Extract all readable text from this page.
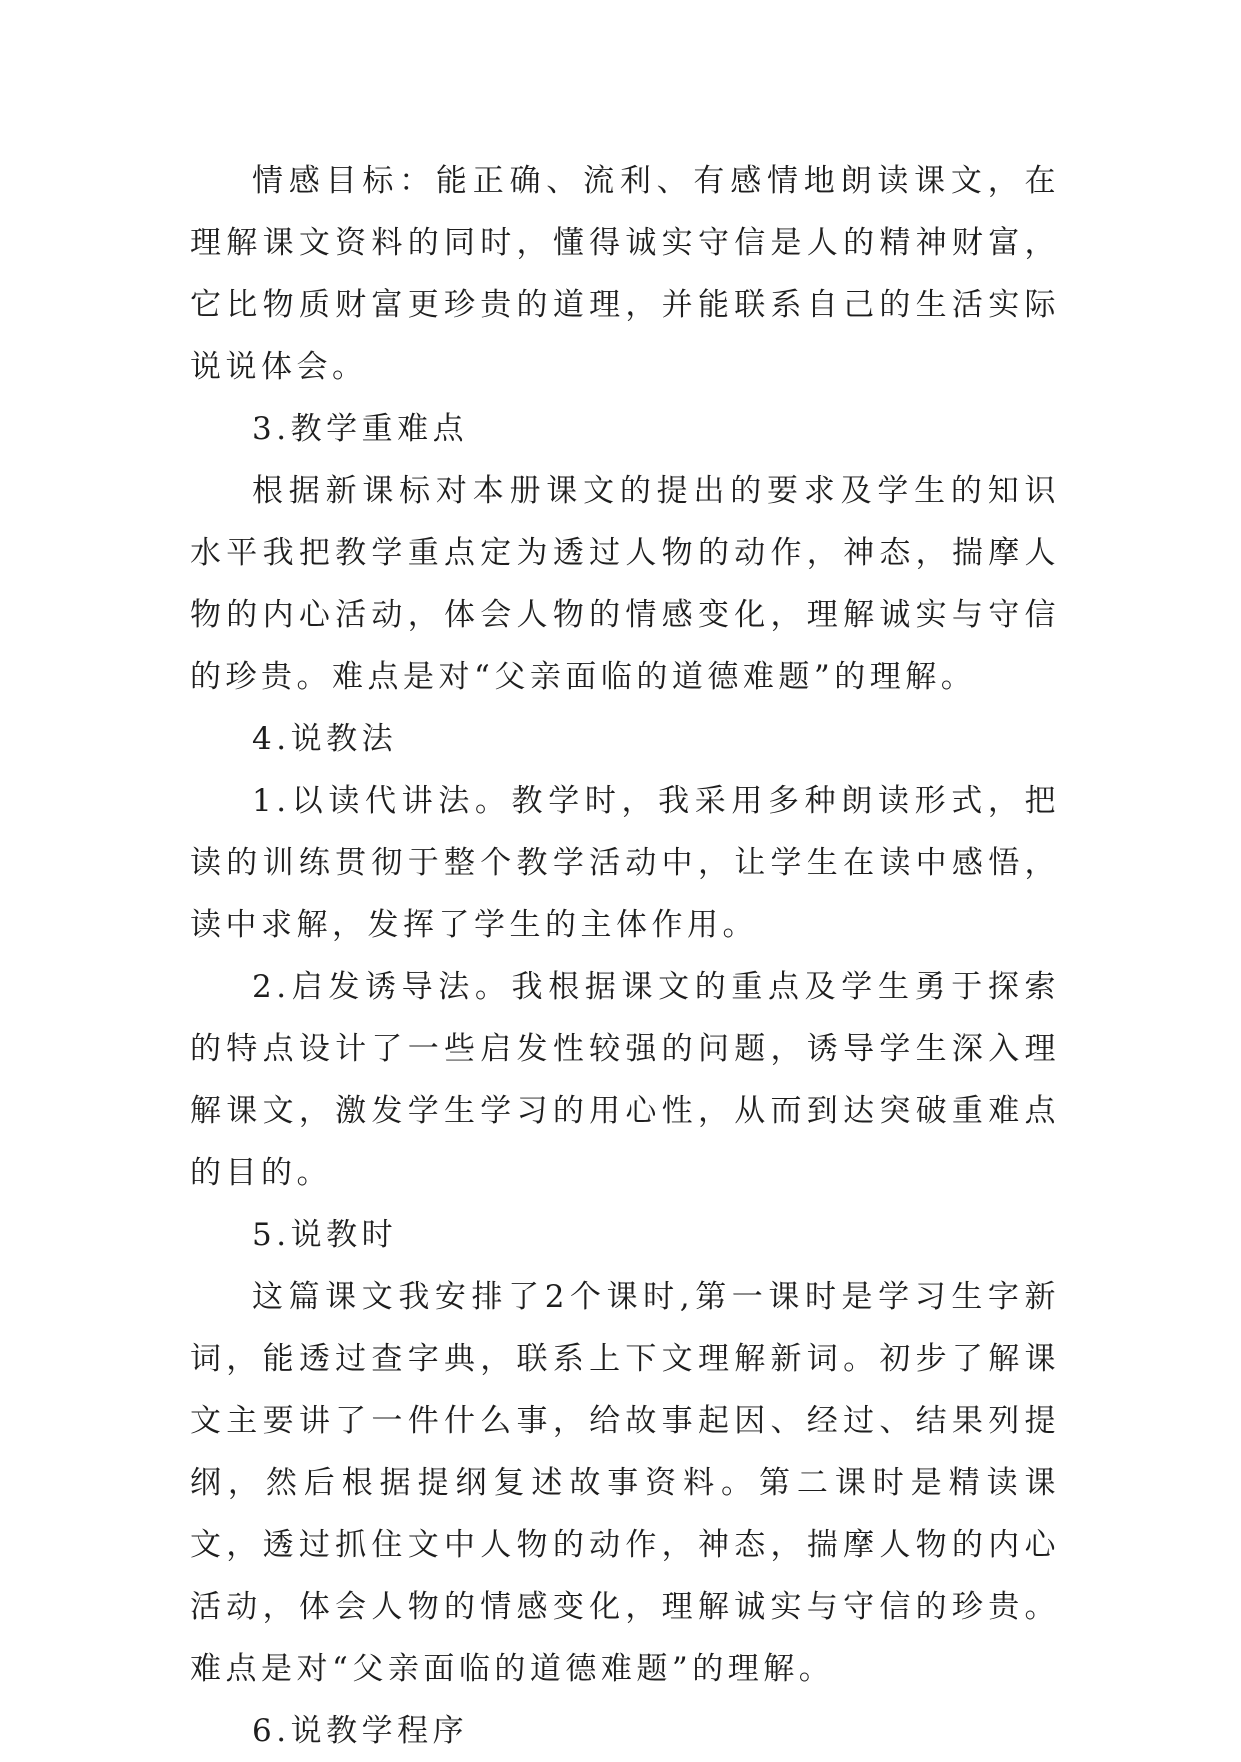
情感目标：能正确、流利、有感情地朗读课文，在理解课文资料的同时，懂得诚实守信是人的精神财富，它比物质财富更珍贵的道理，并能联系自己的生活实际说说体会。

3.教学重难点

根据新课标对本册课文的提出的要求及学生的知识水平我把教学重点定为透过人物的动作，神态，揣摩人物的内心活动，体会人物的情感变化，理解诚实与守信的珍贵。难点是对“父亲面临的道德难题”的理解。

4.说教法

1.以读代讲法。教学时，我采用多种朗读形式，把读的训练贯彻于整个教学活动中，让学生在读中感悟，读中求解，发挥了学生的主体作用。

2.启发诱导法。我根据课文的重点及学生勇于探索的特点设计了一些启发性较强的问题，诱导学生深入理解课文，激发学生学习的用心性，从而到达突破重难点的目的。

5.说教时

这篇课文我安排了2个课时,第一课时是学习生字新词，能透过查字典，联系上下文理解新词。初步了解课文主要讲了一件什么事，给故事起因、经过、结果列提纲，然后根据提纲复述故事资料。第二课时是精读课文，透过抓住文中人物的动作，神态，揣摩人物的内心活动，体会人物的情感变化，理解诚实与守信的珍贵。难点是对“父亲面临的道德难题”的理解。

6.说教学程序
